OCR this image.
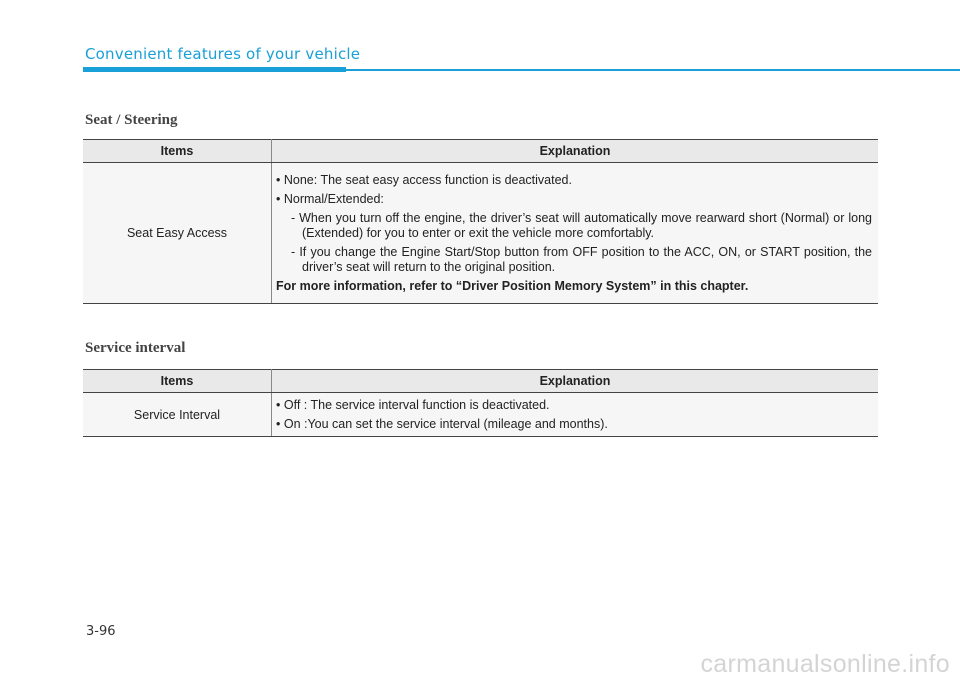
Convenient features of your vehicle
Seat / Steering
Items	Explanation
Seat Easy Access	• None: The seat easy access function is deactivated.

• Normal/Extended:

- When you turn off the engine, the driver’s seat will automatically move rearward short (Normal) or long (Extended) for you to enter or exit the vehicle more comfortably.
- If you change the Engine Start/Stop button from OFF position to the ACC, ON, or START position, the driver’s seat will return to the original position.
For more information, refer to “Driver Position Memory System” in this chapter.
Service interval
Items	Explanation
Service Interval	• Off : The service interval function is deactivated.

• On :You can set the service interval (mileage and months).

3-96
carmanualsonline.info
